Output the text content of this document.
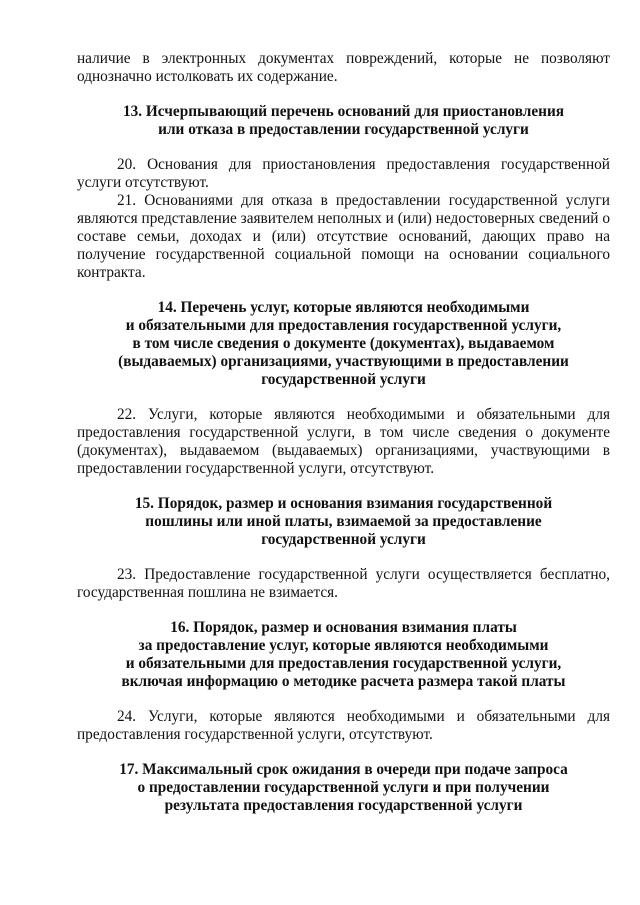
наличие в электронных документах повреждений, которые не позволяют однозначно истолковать их содержание.

13. Исчерпывающий перечень оснований для приостановления
или отказа в предоставлении государственной услуги

20. Основания для приостановления предоставления государственной услуги отсутствуют.

21. Основаниями для отказа в предоставлении государственной услуги являются представление заявителем неполных и (или) недостоверных сведений о составе семьи, доходах и (или) отсутствие оснований, дающих право на получение государственной социальной помощи на основании социального контракта.

14. Перечень услуг, которые являются необходимыми
и обязательными для предоставления государственной услуги,
в том числе сведения о документе (документах), выдаваемом
(выдаваемых) организациями, участвующими в предоставлении
государственной услуги

22. Услуги, которые являются необходимыми и обязательными для предоставления государственной услуги, в том числе сведения о документе (документах), выдаваемом (выдаваемых) организациями, участвующими в предоставлении государственной услуги, отсутствуют.

15. Порядок, размер и основания взимания государственной
пошлины или иной платы, взимаемой за предоставление
государственной услуги

23. Предоставление государственной услуги осуществляется бесплатно, государственная пошлина не взимается.

16. Порядок, размер и основания взимания платы
за предоставление услуг, которые являются необходимыми
и обязательными для предоставления государственной услуги,
включая информацию о методике расчета размера такой платы

24. Услуги, которые являются необходимыми и обязательными для предоставления государственной услуги, отсутствуют.

17. Максимальный срок ожидания в очереди при подаче запроса
о предоставлении государственной услуги и при получении
результата предоставления государственной услуги
